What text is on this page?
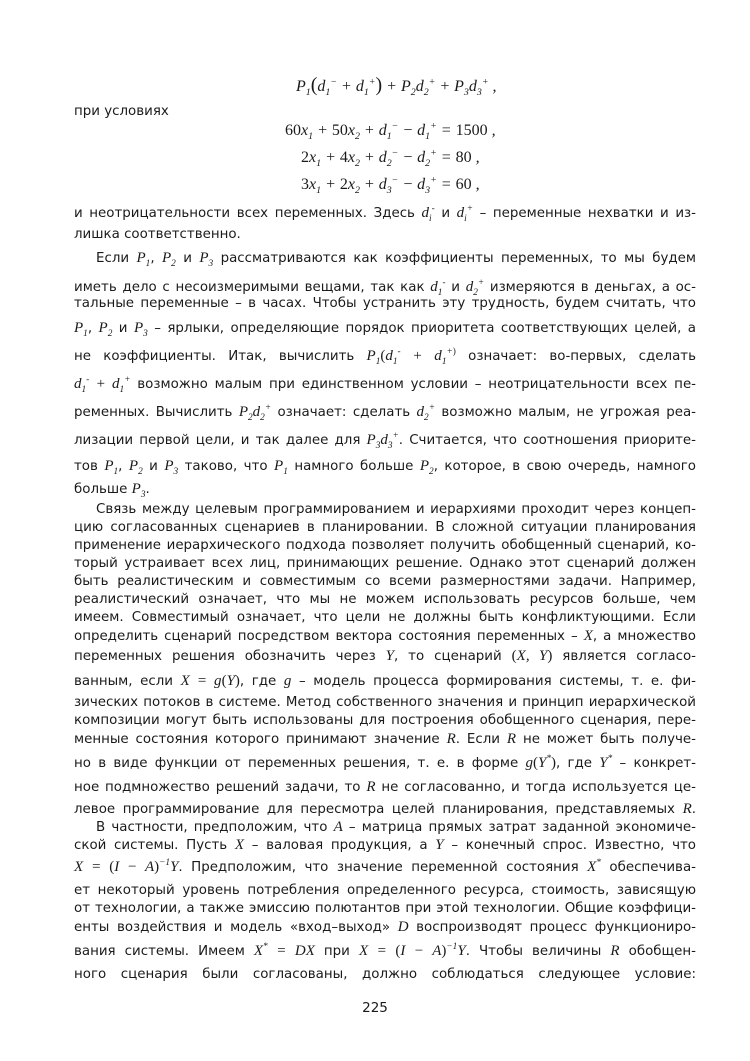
$P_1(d_1^- + d_1^+) + P_2d_2^+ + P_3d_3^+$ ,
$60x_1 + 50x_2 + d_1^- - d_1^+ = 1500$ ,
$2x_1 + 4x_2 + d_2^- - d_2^+ = 80$ ,
$3x_1 + 2x_2 + d_3^- - d_3^+ = 60$ ,
при условиях
и неотрицательности всех переменных. Здесь $d_i^-$ и $d_i^+$ – переменные нехватки и из-
лишка соответственно.
Если $P_1$, $P_2$ и $P_3$ рассматриваются как коэффициенты переменных, то мы будем
иметь дело с несоизмеримыми вещами, так как $d_1^-$ и $d_2^+$ измеряются в деньгах, а ос-
тальные переменные – в часах. Чтобы устранить эту трудность, будем считать, что
$P_1$, $P_2$ и $P_3$ – ярлыки, определяющие порядок приоритета соответствующих целей, а
не коэффициенты. Итак, вычислить $P_1(d_1^- + d_1^{+)}$ означает: во-первых, сделать
$d_1^- + d_1^+$ возможно малым при единственном условии – неотрицательности всех пе-
ременных. Вычислить $P_2d_2^+$ означает: сделать $d_2^+$ возможно малым, не угрожая реа-
лизации первой цели, и так далее для $P_3d_3^+$. Считается, что соотношения приорите-
тов $P_1$, $P_2$ и $P_3$ таково, что $P_1$ намного больше $P_2$, которое, в свою очередь, намного
больше $P_3$.
Связь между целевым программированием и иерархиями проходит через концеп-
цию согласованных сценариев в планировании. В сложной ситуации планирования
применение иерархического подхода позволяет получить обобщенный сценарий, ко-
торый устраивает всех лиц, принимающих решение. Однако этот сценарий должен
быть реалистическим и совместимым со всеми размерностями задачи. Например,
реалистический означает, что мы не можем использовать ресурсов больше, чем
имеем. Совместимый означает, что цели не должны быть конфликтующими. Если
определить сценарий посредством вектора состояния переменных – X, а множество
переменных решения обозначить через Y, то сценарий (X, Y) является согласо-
ванным, если X = g(Y), где g – модель процесса формирования системы, т. е. фи-
зических потоков в системе. Метод собственного значения и принцип иерархической
композиции могут быть использованы для построения обобщенного сценария, пере-
менные состояния которого принимают значение R. Если R не может быть получе-
но в виде функции от переменных решения, т. е. в форме g(Y*), где Y* – конкрет-
ное подмножество решений задачи, то R не согласованно, и тогда используется це-
левое программирование для пересмотра целей планирования, представляемых R.
В частности, предположим, что A – матрица прямых затрат заданной экономиче-
ской системы. Пусть X – валовая продукция, а Y – конечный спрос. Известно, что
$X = (I - A)^{-1}Y$. Предположим, что значение переменной состояния X* обеспечива-
ет некоторый уровень потребления определенного ресурса, стоимость, зависящую
от технологии, а также эмиссию полютантов при этой технологии. Общие коэффици-
енты воздействия и модель «вход–выход» D воспроизводят процесс функциониро-
вания системы. Имеем X* = DX при $X = (I - A)^{-1}Y$. Чтобы величины R обобщен-
ного сценария были согласованы, должно соблюдаться следующее условие:
225
